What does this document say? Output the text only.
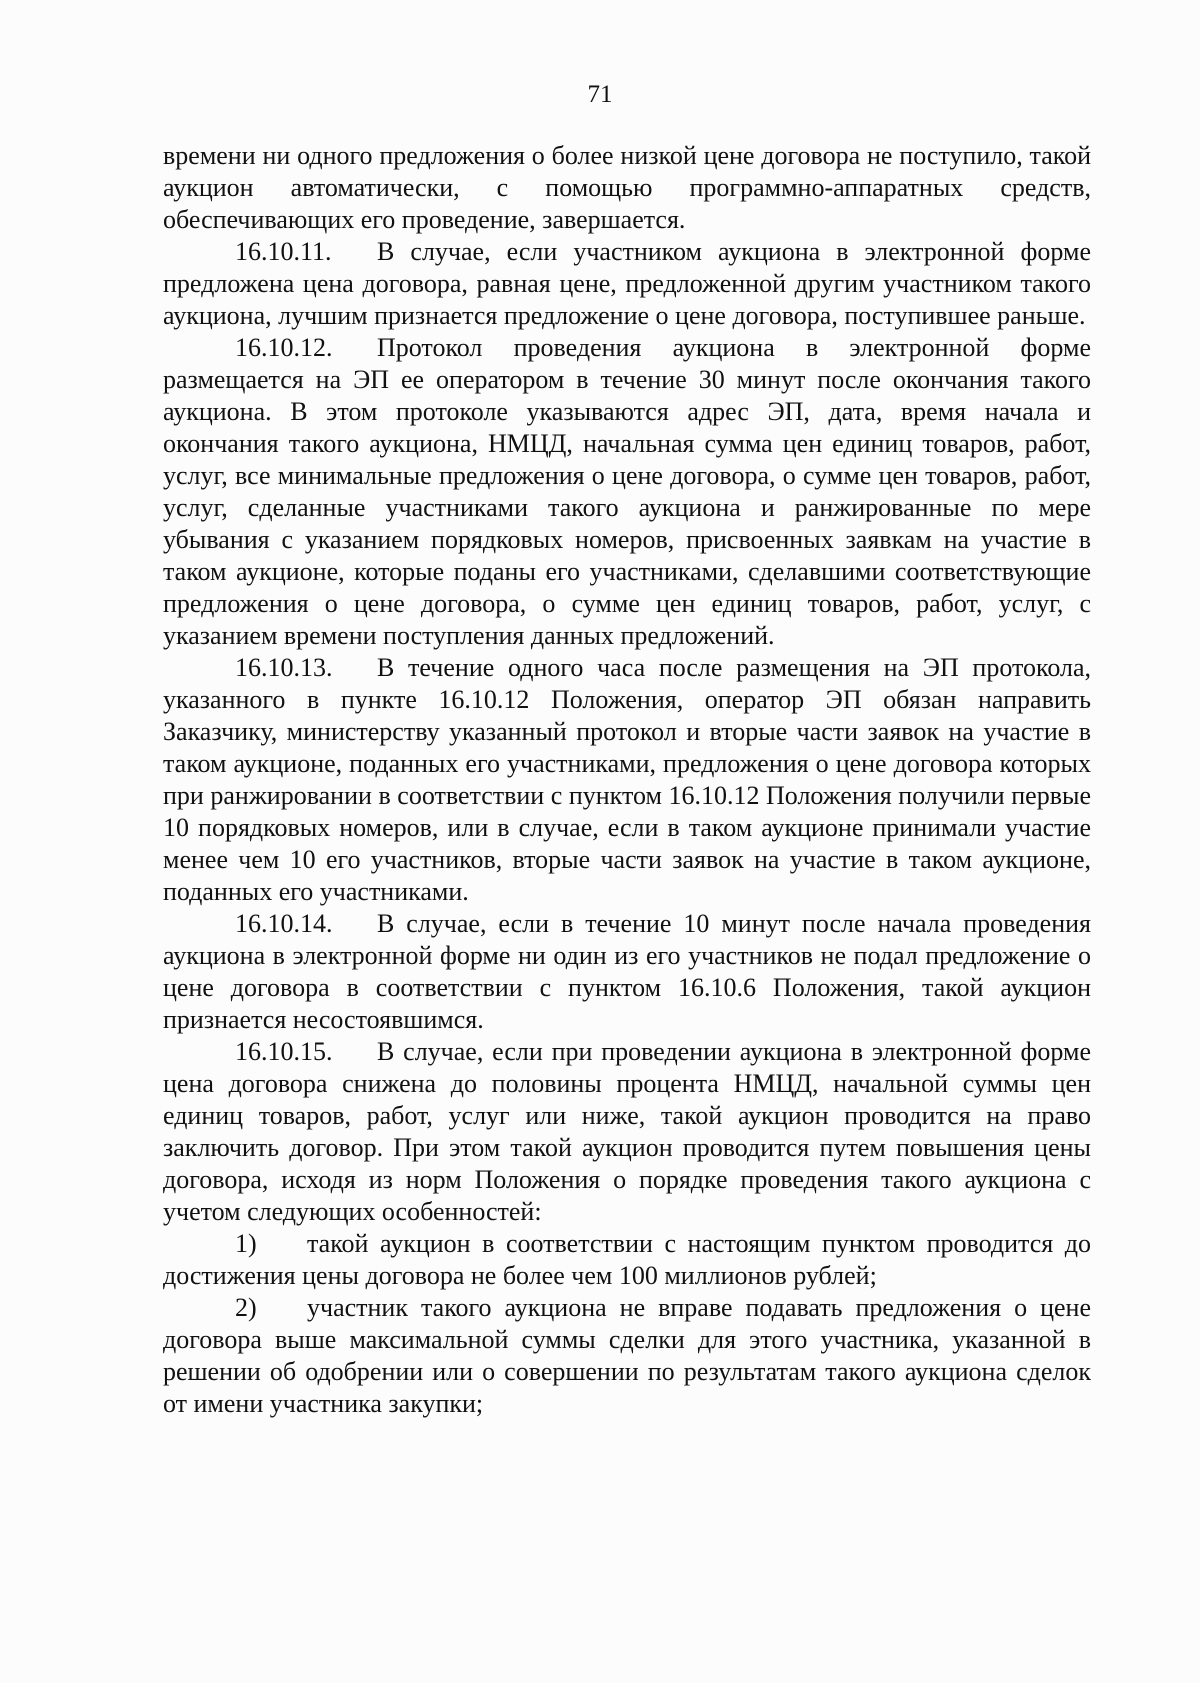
71

времени ни одного предложения о более низкой цене договора не поступило, такой аукцион автоматически, с помощью программно-аппаратных средств, обеспечивающих его проведение, завершается.

16.10.11. В случае, если участником аукциона в электронной форме предложена цена договора, равная цене, предложенной другим участником такого аукциона, лучшим признается предложение о цене договора, поступившее раньше.

16.10.12. Протокол проведения аукциона в электронной форме размещается на ЭП ее оператором в течение 30 минут после окончания такого аукциона. В этом протоколе указываются адрес ЭП, дата, время начала и окончания такого аукциона, НМЦД, начальная сумма цен единиц товаров, работ, услуг, все минимальные предложения о цене договора, о сумме цен товаров, работ, услуг, сделанные участниками такого аукциона и ранжированные по мере убывания с указанием порядковых номеров, присвоенных заявкам на участие в таком аукционе, которые поданы его участниками, сделавшими соответствующие предложения о цене договора, о сумме цен единиц товаров, работ, услуг, с указанием времени поступления данных предложений.

16.10.13. В течение одного часа после размещения на ЭП протокола, указанного в пункте 16.10.12 Положения, оператор ЭП обязан направить Заказчику, министерству указанный протокол и вторые части заявок на участие в таком аукционе, поданных его участниками, предложения о цене договора которых при ранжировании в соответствии с пунктом 16.10.12 Положения получили первые 10 порядковых номеров, или в случае, если в таком аукционе принимали участие менее чем 10 его участников, вторые части заявок на участие в таком аукционе, поданных его участниками.

16.10.14. В случае, если в течение 10 минут после начала проведения аукциона в электронной форме ни один из его участников не подал предложение о цене договора в соответствии с пунктом 16.10.6 Положения, такой аукцион признается несостоявшимся.

16.10.15. В случае, если при проведении аукциона в электронной форме цена договора снижена до половины процента НМЦД, начальной суммы цен единиц товаров, работ, услуг или ниже, такой аукцион проводится на право заключить договор. При этом такой аукцион проводится путем повышения цены договора, исходя из норм Положения о порядке проведения такого аукциона с учетом следующих особенностей:

1) такой аукцион в соответствии с настоящим пунктом проводится до достижения цены договора не более чем 100 миллионов рублей;

2) участник такого аукциона не вправе подавать предложения о цене договора выше максимальной суммы сделки для этого участника, указанной в решении об одобрении или о совершении по результатам такого аукциона сделок от имени участника закупки;
